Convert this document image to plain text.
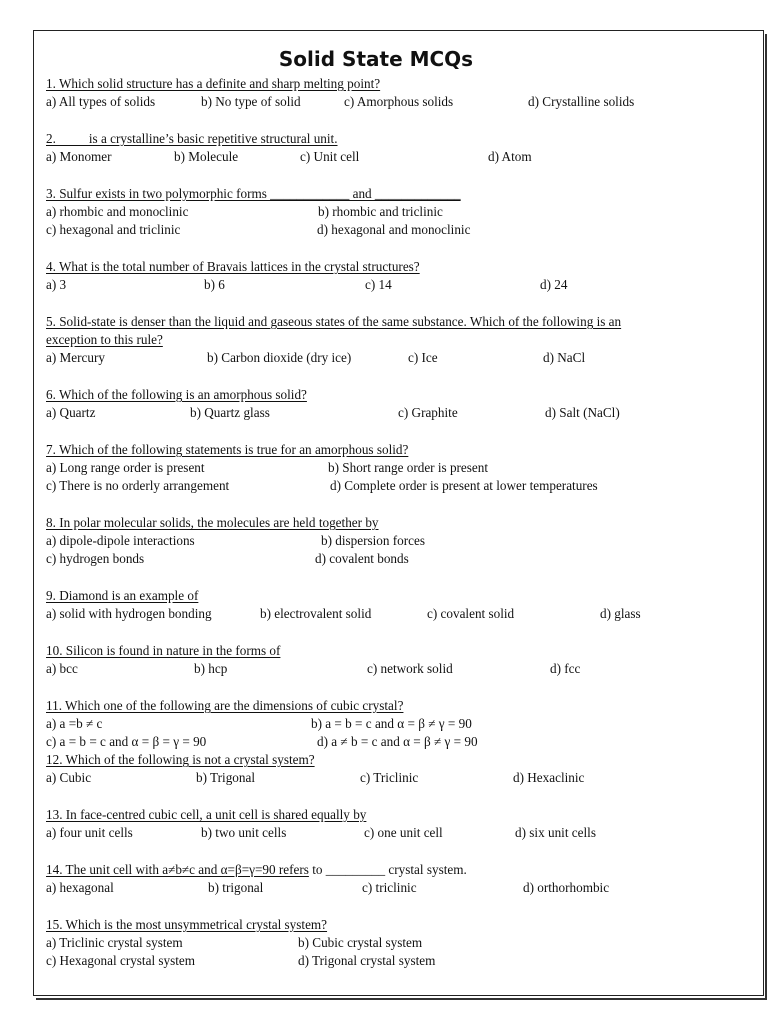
Solid State MCQs
1. Which solid structure has a definite and sharp melting point?
a) All types of solids	b) No type of solid	c) Amorphous solids	d) Crystalline solids
2.          is a crystalline’s basic repetitive structural unit.
a) Monomer	b) Molecule	c) Unit cell	d) Atom
3. Sulfur exists in two polymorphic forms ____________ and _____________
a) rhombic and monoclinic	b) rhombic and triclinic
c) hexagonal and triclinic	d) hexagonal and monoclinic
4. What is the total number of Bravais lattices in the crystal structures?
a) 3	b) 6	c) 14	d) 24
5. Solid-state is denser than the liquid and gaseous states of the same substance. Which of the following is an
exception to this rule?
a) Mercury	b) Carbon dioxide (dry ice)	c) Ice	d) NaCl
6. Which of the following is an amorphous solid?
a) Quartz	b) Quartz glass	c) Graphite	d) Salt (NaCl)
7. Which of the following statements is true for an amorphous solid?
a) Long range order is present	b) Short range order is present
c) There is no orderly arrangement	d) Complete order is present at lower temperatures
8. In polar molecular solids, the molecules are held together by
a) dipole-dipole interactions	b) dispersion forces
c) hydrogen bonds	d) covalent bonds
9. Diamond is an example of
a) solid with hydrogen bonding	b) electrovalent solid	c) covalent solid	d) glass
10. Silicon is found in nature in the forms of
a) bcc	b) hcp	c) network solid	d) fcc
11. Which one of the following are the dimensions of cubic crystal?
a) a =b ≠ c	b) a = b = c and α = β ≠ γ = 90
c) a = b = c and α = β = γ = 90	d) a ≠ b = c and α = β ≠ γ = 90
12. Which of the following is not a crystal system?
a) Cubic	b) Trigonal	c) Triclinic	d) Hexaclinic
13. In face-centred cubic cell, a unit cell is shared equally by
a) four unit cells	b) two unit cells	c) one unit cell	d) six unit cells
14. The unit cell with a≠b≠c and α=β=γ=90 refers to _________ crystal system.
a) hexagonal	b) trigonal	c) triclinic	d) orthorhombic
15. Which is the most unsymmetrical crystal system?
a) Triclinic crystal system	b) Cubic crystal system
c) Hexagonal crystal system	d) Trigonal crystal system
